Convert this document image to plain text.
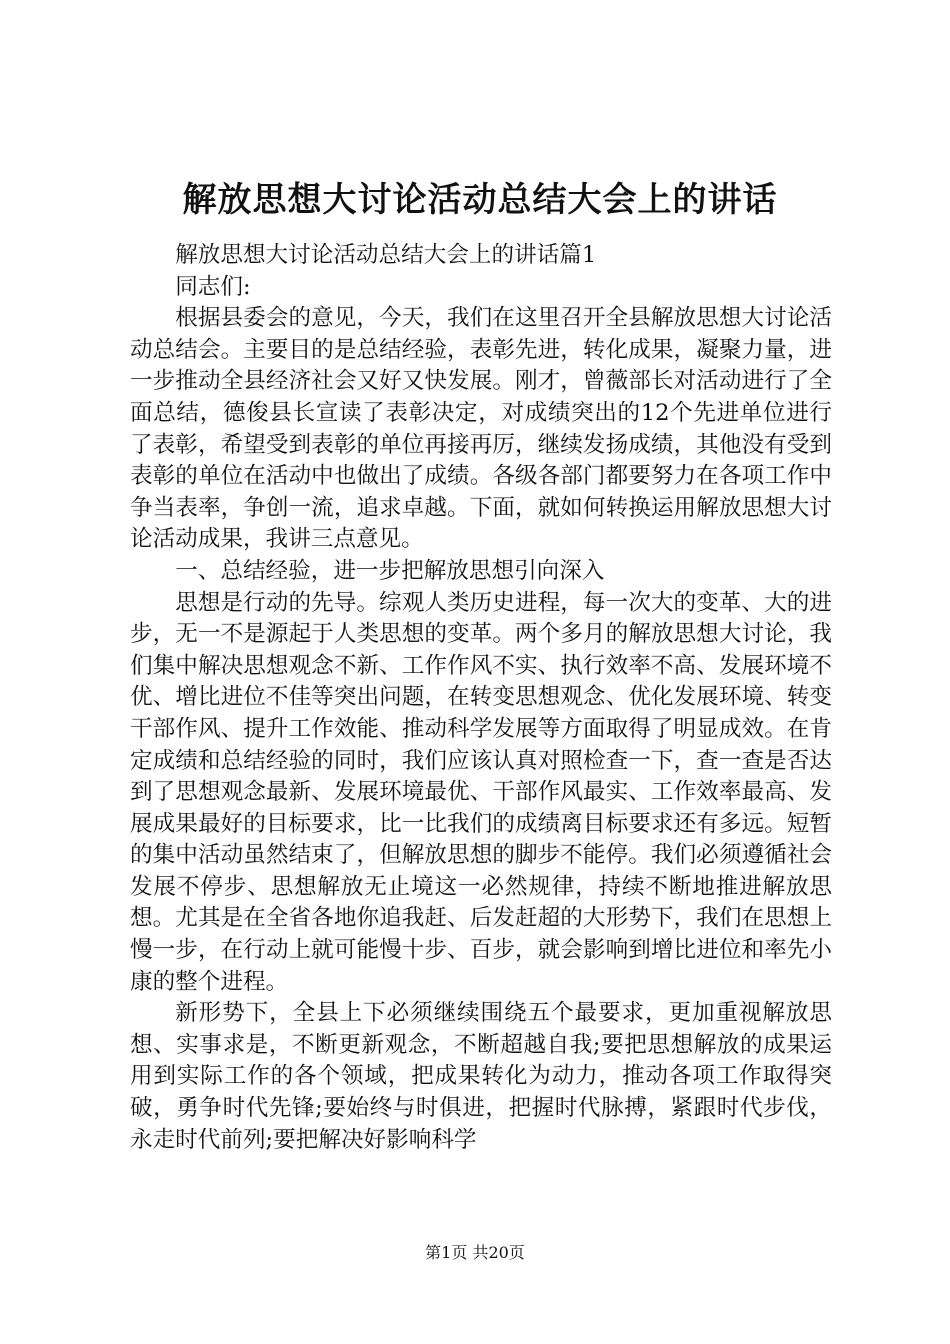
解放思想大讨论活动总结大会上的讲话

解放思想大讨论活动总结大会上的讲话篇1

同志们:

根据县委会的意见，今天，我们在这里召开全县解放思想大讨论活动总结会。主要目的是总结经验，表彰先进，转化成果，凝聚力量，进一步推动全县经济社会又好又快发展。刚才，曾薇部长对活动进行了全面总结，德俊县长宣读了表彰决定，对成绩突出的12个先进单位进行了表彰，希望受到表彰的单位再接再厉，继续发扬成绩，其他没有受到表彰的单位在活动中也做出了成绩。各级各部门都要努力在各项工作中争当表率，争创一流，追求卓越。下面，就如何转换运用解放思想大讨论活动成果，我讲三点意见。

一、总结经验，进一步把解放思想引向深入

思想是行动的先导。综观人类历史进程，每一次大的变革、大的进步，无一不是源起于人类思想的变革。两个多月的解放思想大讨论，我们集中解决思想观念不新、工作作风不实、执行效率不高、发展环境不优、增比进位不佳等突出问题，在转变思想观念、优化发展环境、转变干部作风、提升工作效能、推动科学发展等方面取得了明显成效。在肯定成绩和总结经验的同时，我们应该认真对照检查一下，查一查是否达到了思想观念最新、发展环境最优、干部作风最实、工作效率最高、发展成果最好的目标要求，比一比我们的成绩离目标要求还有多远。短暂的集中活动虽然结束了，但解放思想的脚步不能停。我们必须遵循社会发展不停步、思想解放无止境这一必然规律，持续不断地推进解放思想。尤其是在全省各地你追我赶、后发赶超的大形势下，我们在思想上慢一步，在行动上就可能慢十步、百步，就会影响到增比进位和率先小康的整个进程。

新形势下，全县上下必须继续围绕五个最要求，更加重视解放思想、实事求是，不断更新观念，不断超越自我;要把思想解放的成果运用到实际工作的各个领域，把成果转化为动力，推动各项工作取得突破，勇争时代先锋;要始终与时俱进，把握时代脉搏，紧跟时代步伐，永走时代前列;要把解决好影响科学

第1页 共20页
